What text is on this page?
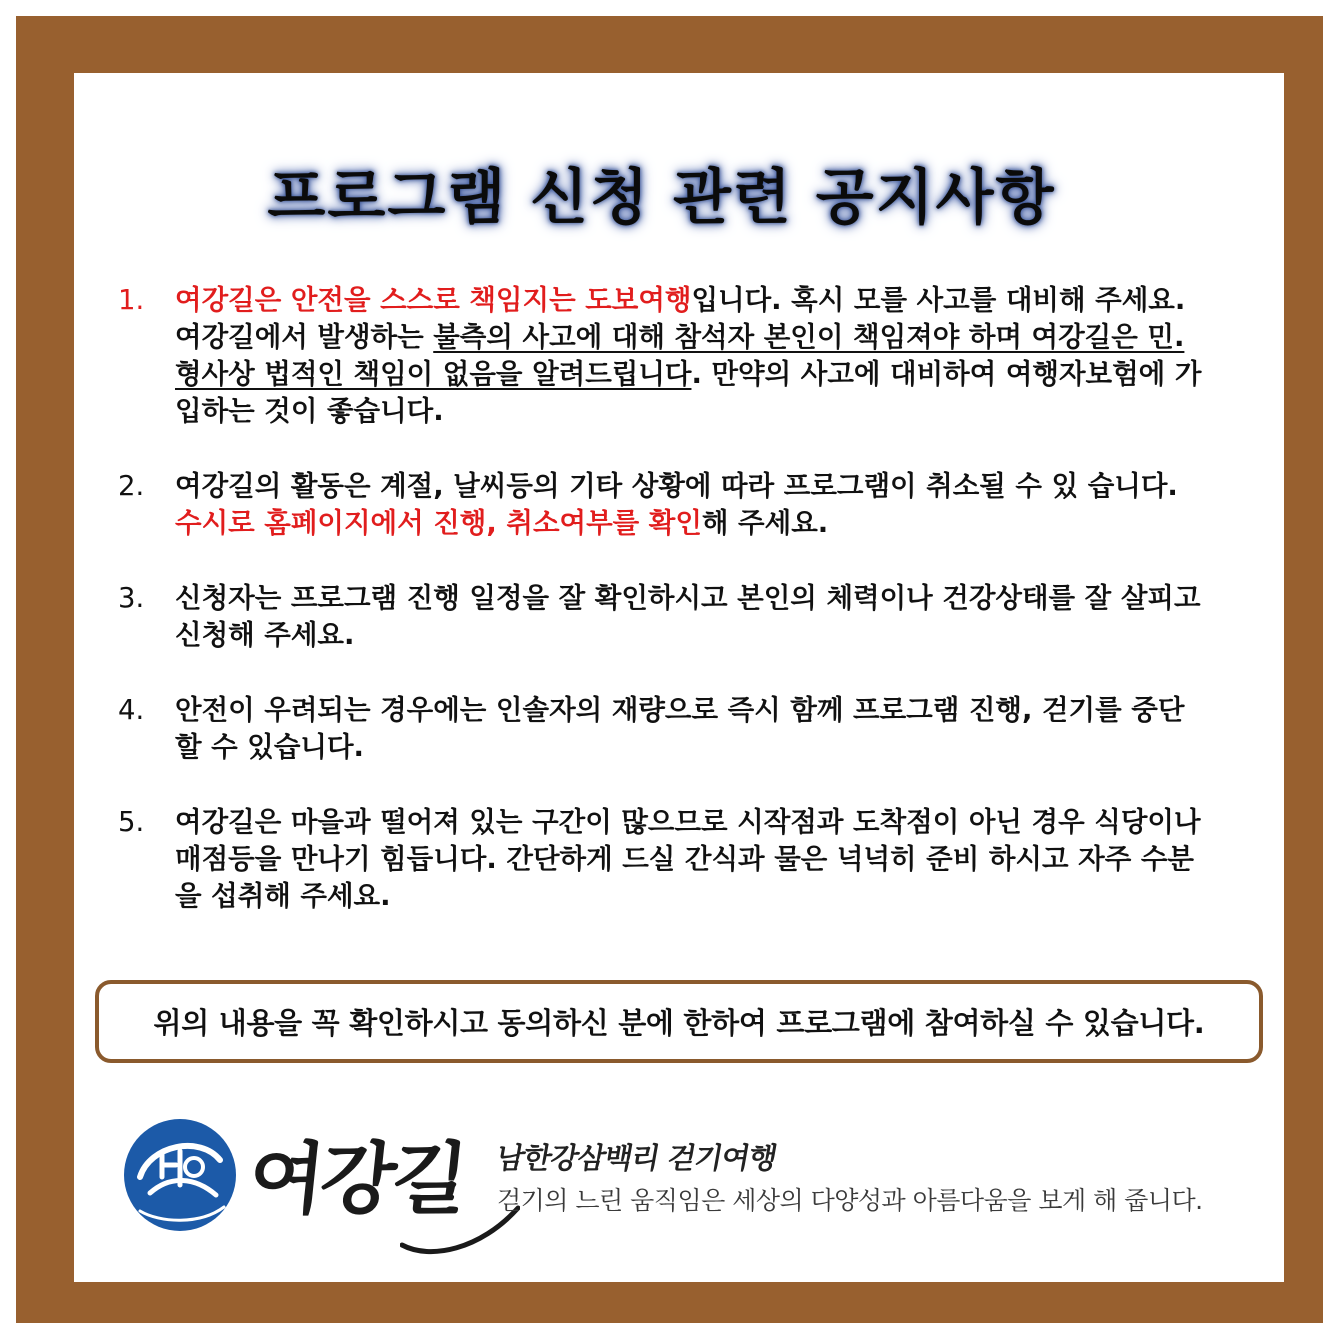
프로그램 신청 관련 공지사항
1. 여강길은 안전을 스스로 책임지는 도보여행입니다. 혹시 모를 사고를 대비해 주세요. 여강길에서 발생하는 불측의 사고에 대해 참석자 본인이 책임져야 하며 여강길은 민.형사상 법적인 책임이 없음을 알려드립니다. 만약의 사고에 대비하여 여행자보험에 가입하는 것이 좋습니다.
2. 여강길의 활동은 계절, 날씨등의 기타 상황에 따라 프로그램이 취소될 수 있 습니다.
수시로 홈페이지에서 진행, 취소여부를 확인해 주세요.
3. 신청자는 프로그램 진행 일정을 잘 확인하시고 본인의 체력이나 건강상태를 잘 살피고 신청해 주세요.
4. 안전이 우려되는 경우에는 인솔자의 재량으로 즉시 함께 프로그램 진행, 걷기를 중단할 수 있습니다.
5. 여강길은 마을과 떨어져 있는 구간이 많으므로 시작점과 도착점이 아닌 경우 식당이나 매점등을 만나기 힘듭니다. 간단하게 드실 간식과 물은 넉넉히 준비 하시고 자주 수분을 섭취해 주세요.
위의 내용을 꼭 확인하시고 동의하신 분에 한하여 프로그램에 참여하실 수 있습니다.
여강길 남한강삼백리 걷기여행
걷기의 느린 움직임은 세상의 다양성과 아름다움을 보게 해 줍니다.
